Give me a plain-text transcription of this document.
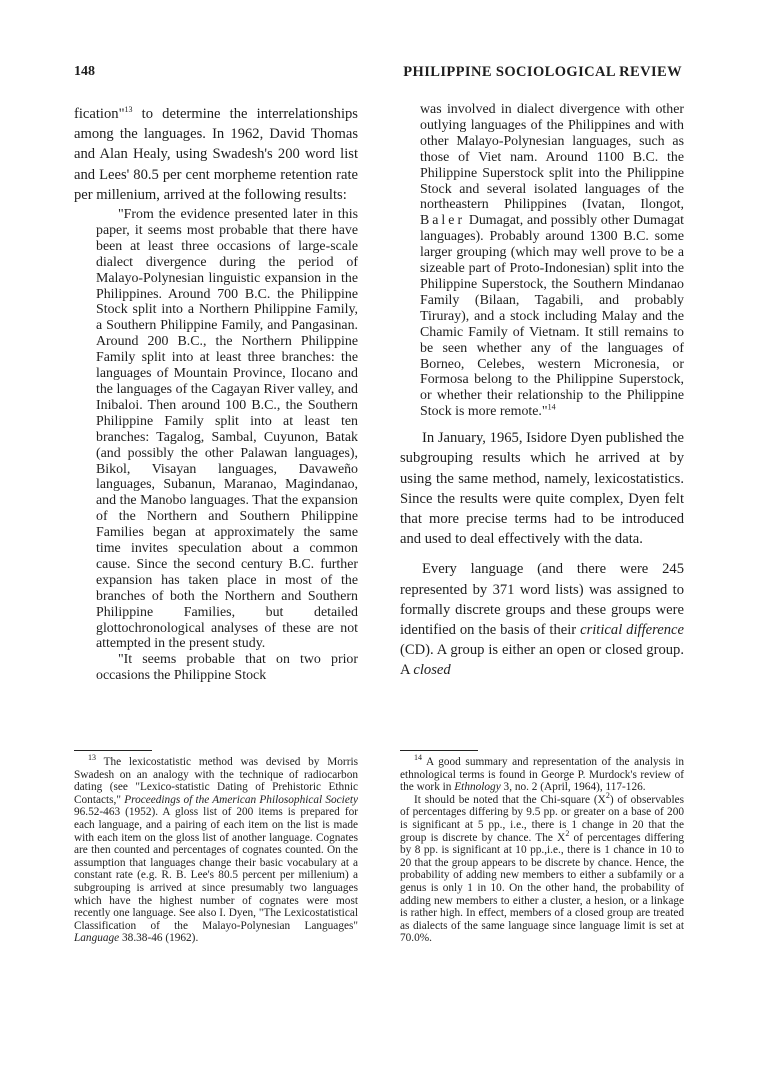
148	PHILIPPINE SOCIOLOGICAL REVIEW

fication"$^{13}$ to determine the interrelationships among the languages. In 1962, David Thomas and Alan Healy, using Swadesh's 200 word list and Lees' 80.5 per cent morpheme retention rate per millenium, arrived at the following results:

"From the evidence presented later in this paper, it seems most probable that there have been at least three occasions of large-scale dialect divergence during the period of Malayo-Polynesian linguistic expansion in the Philippines. Around 700 B.C. the Philippine Stock split into a Northern Philippine Family, a Southern Philippine Family, and Pangasinan. Around 200 B.C., the Northern Philippine Family split into at least three branches: the languages of Mountain Province, Ilocano and the languages of the Cagayan River valley, and Inibaloi. Then around 100 B.C., the Southern Philippine Family split into at least ten branches: Tagalog, Sambal, Cuyunon, Batak (and possibly the other Palawan languages), Bikol, Visayan languages, Davaweño languages, Subanun, Maranao, Magindanao, and the Manobo languages. That the expansion of the Northern and Southern Philippine Families began at approximately the same time invites speculation about a common cause. Since the second century B.C. further expansion has taken place in most of the branches of both the Northern and Southern Philippine Families, but detailed glottochronological analyses of these are not attempted in the present study.

"It seems probable that on two prior occasions the Philippine Stock

$^{13}$ The lexicostatistic method was devised by Morris Swadesh on an analogy with the technique of radiocarbon dating (see "Lexico-statistic Dating of Prehistoric Ethnic Contacts," Proceedings of the American Philosophical Society 96.52-463 (1952). A gloss list of 200 items is prepared for each language, and a pairing of each item on the list is made with each item on the gloss list of another language. Cognates are then counted and percentages of cognates counted. On the assumption that languages change their basic vocabulary at a constant rate (e.g. R. B. Lee's 80.5 percent per millenium) a subgrouping is arrived at since presumably two languages which have the highest number of cognates were most recently one language. See also I. Dyen, "The Lexicostatistical Classification of the Malayo-Polynesian Languages" Language 38.38-46 (1962).

was involved in dialect divergence with other outlying languages of the Philippines and with other Malayo-Polynesian languages, such as those of Viet nam. Around 1100 B.C. the Philippine Superstock split into the Philippine Stock and several isolated languages of the northeastern Philippines (Ivatan, Ilongot, Baler Dumagat, and possibly other Dumagat languages). Probably around 1300 B.C. some larger grouping (which may well prove to be a sizeable part of Proto-Indonesian) split into the Philippine Superstock, the Southern Mindanao Family (Bilaan, Tagabili, and probably Tiruray), and a stock including Malay and the Chamic Family of Vietnam. It still remains to be seen whether any of the languages of Borneo, Celebes, western Micronesia, or Formosa belong to the Philippine Superstock, or whether their relationship to the Philippine Stock is more remote."$^{14}$

In January, 1965, Isidore Dyen published the subgrouping results which he arrived at by using the same method, namely, lexicostatistics. Since the results were quite complex, Dyen felt that more precise terms had to be introduced and used to deal effectively with the data.

Every language (and there were 245 represented by 371 word lists) was assigned to formally discrete groups and these groups were identified on the basis of their critical difference (CD). A group is either an open or closed group. A closed

$^{14}$ A good summary and representation of the analysis in ethnological terms is found in George P. Murdock's review of the work in Ethnology 3, no. 2 (April, 1964), 117-126.

It should be noted that the Chi-square $(X^2)$ of observables of percentages differing by 9.5 pp. or greater on a base of 200 is significant at 5 pp., i.e., there is 1 change in 20 that the group is discrete by chance. The $X^2$ of percentages differing by 8 pp. is significant at 10 pp.,i.e., there is 1 chance in 10 to 20 that the group appears to be discrete by chance. Hence, the probability of adding new members to either a subfamily or a genus is only 1 in 10. On the other hand, the probability of adding new members to either a cluster, a hesion, or a linkage is rather high. In effect, members of a closed group are treated as dialects of the same language since language limit is set at 70.0%.
